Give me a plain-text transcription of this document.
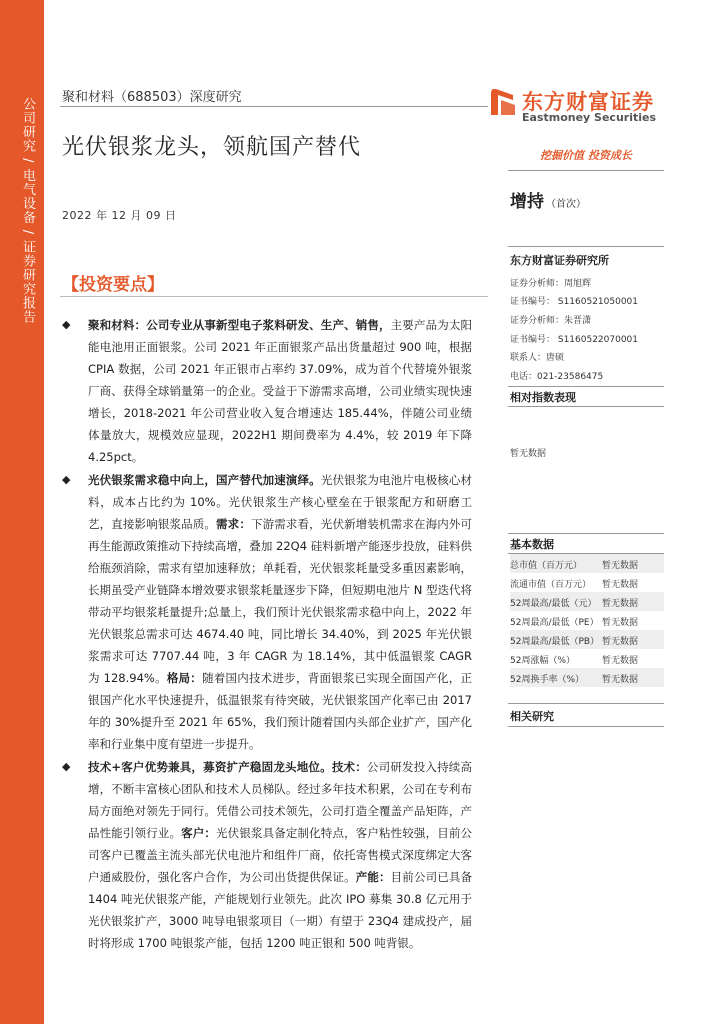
公司研究 / 电气设备 / 证券研究报告 聚和材料（688503）深度研究
光伏银浆龙头，领航国产替代
2022 年 12 月 09 日
东方财富证券
Eastmoney Securities
挖掘价值 投资成长
增持 （首次）
东方财富证券研究所
证券分析师：周旭辉
证书编号： S1160521050001
证券分析师：朱晋潇
证书编号： S1160522070001
联系人：唐硕
电话：021-23586475
相对指数表现
暂无数据
基本数据
总市值（百万元） 暂无数据
流通市值（百万元） 暂无数据
52周最高/最低（元） 暂无数据
52周最高/最低（PE） 暂无数据
52周最高/最低（PB） 暂无数据
52周涨幅（%）	暂无数据
52周换手率（%） 暂无数据
相关研究
【投资要点】
◆ 聚和材料：公司专业从事新型电子浆料研发、生产、销售，主要产品为太阳能电池用正面银浆。公司 2021 年正面银浆产品出货量超过 900 吨，根据 CPIA 数据，公司 2021 年正银市占率约 37.09%，成为首个代替境外银浆厂商、获得全球销量第一的企业。受益于下游需求高增，公司业绩实现快速增长，2018-2021 年公司营业收入复合增速达 185.44%，伴随公司业绩体量放大，规模效应显现，2022H1 期间费率为 4.4%，较 2019 年下降 4.25pct。
◆ 光伏银浆需求稳中向上，国产替代加速演绎。光伏银浆为电池片电极核心材料，成本占比约为 10%。光伏银浆生产核心壁垒在于银浆配方和研磨工艺，直接影响银浆品质。需求：下游需求看，光伏新增装机需求在海内外可再生能源政策推动下持续高增，叠加 22Q4 硅料新增产能逐步投放，硅料供给瓶颈消除，需求有望加速释放；单耗看，光伏银浆耗量受多重因素影响，长期虽受产业链降本增效要求银浆耗量逐步下降，但短期电池片 N 型迭代将带动平均银浆耗量提升;总量上，我们预计光伏银浆需求稳中向上，2022 年光伏银浆总需求可达 4674.40 吨，同比增长 34.40%，到 2025 年光伏银浆需求可达 7707.44 吨，3 年 CAGR 为 18.14%，其中低温银浆 CAGR 为 128.94%。格局：随着国内技术进步，背面银浆已实现全面国产化，正银国产化水平快速提升，低温银浆有待突破，光伏银浆国产化率已由 2017 年的 30%提升至 2021 年 65%，我们预计随着国内头部企业扩产，国产化率和行业集中度有望进一步提升。
◆ 技术+客户优势兼具，募资扩产稳固龙头地位。技术：公司研发投入持续高增，不断丰富核心团队和技术人员梯队。经过多年技术积累，公司在专利布局方面绝对领先于同行。凭借公司技术领先，公司打造全覆盖产品矩阵，产品性能引领行业。客户：光伏银浆具备定制化特点，客户粘性较强，目前公司客户已覆盖主流头部光伏电池片和组件厂商，依托寄售模式深度绑定大客户通威股份，强化客户合作，为公司出货提供保证。产能：目前公司已具备 1404 吨光伏银浆产能，产能规划行业领先。此次 IPO 募集 30.8 亿元用于光伏银浆扩产，3000 吨导电银浆项目（一期）有望于 23Q4 建成投产，届时将形成 1700 吨银浆产能，包括 1200 吨正银和 500 吨背银。
